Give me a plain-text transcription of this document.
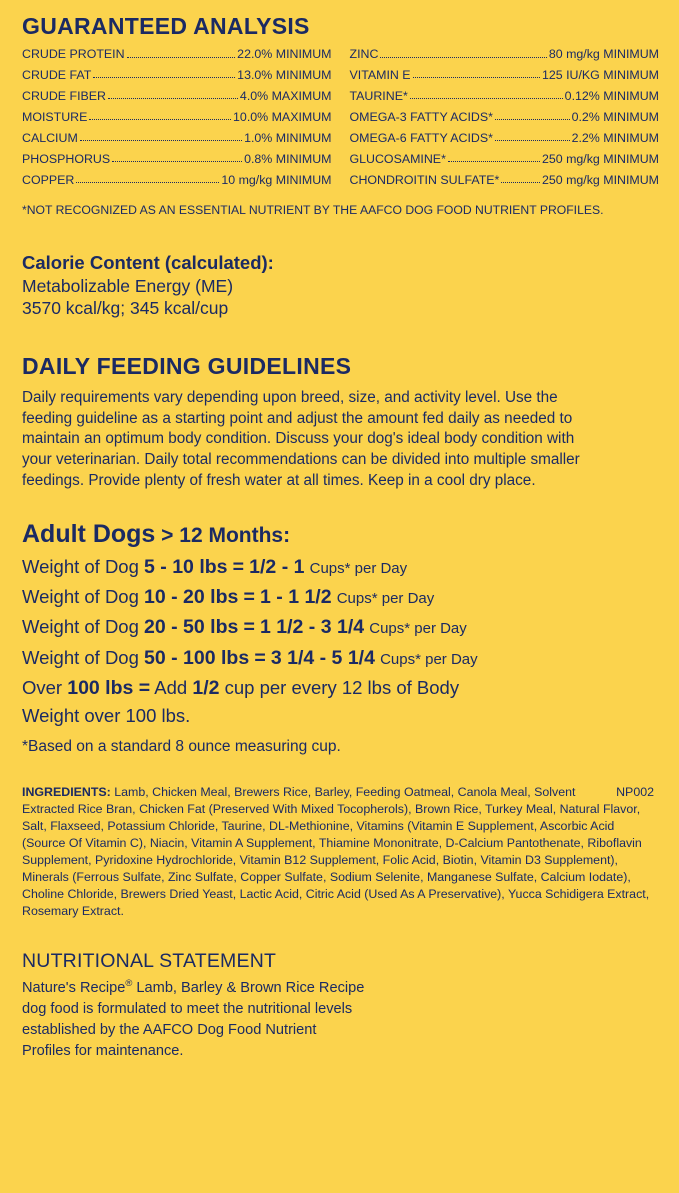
GUARANTEED ANALYSIS
CRUDE PROTEIN	22.0% MINIMUM
CRUDE FAT	13.0% MINIMUM
CRUDE FIBER	4.0% MAXIMUM
MOISTURE	10.0% MAXIMUM
CALCIUM	1.0% MINIMUM
PHOSPHORUS	0.8% MINIMUM
COPPER	10 mg/kg MINIMUM
ZINC	80 mg/kg MINIMUM
VITAMIN E	125 IU/KG MINIMUM
TAURINE*	0.12% MINIMUM
OMEGA-3 FATTY ACIDS*	0.2% MINIMUM
OMEGA-6 FATTY ACIDS*	2.2% MINIMUM
GLUCOSAMINE*	250 mg/kg MINIMUM
CHONDROITIN SULFATE*	250 mg/kg MINIMUM

*NOT RECOGNIZED AS AN ESSENTIAL NUTRIENT BY THE AAFCO DOG FOOD NUTRIENT PROFILES.

Calorie Content (calculated):
Metabolizable Energy (ME)
3570 kcal/kg; 345 kcal/cup
DAILY FEEDING GUIDELINES

Daily requirements vary depending upon breed, size, and activity level. Use the feeding guideline as a starting point and adjust the amount fed daily as needed to maintain an optimum body condition. Discuss your dog's ideal body condition with your veterinarian. Daily total recommendations can be divided into multiple smaller feedings. Provide plenty of fresh water at all times. Keep in a cool dry place.

Adult Dogs > 12 Months:
Weight of Dog 5 - 10 lbs = 1/2 - 1 Cups* per Day
Weight of Dog 10 - 20 lbs = 1 - 1 1/2 Cups* per Day
Weight of Dog 20 - 50 lbs = 1 1/2 - 3 1/4 Cups* per Day
Weight of Dog 50 - 100 lbs = 3 1/4 - 5 1/4 Cups* per Day
Over 100 lbs = Add 1/2 cup per every 12 lbs of Body
Weight over 100 lbs.
*Based on a standard 8 ounce measuring cup.
NP002
INGREDIENTS: Lamb, Chicken Meal, Brewers Rice, Barley, Feeding Oatmeal, Canola Meal, Solvent Extracted Rice Bran, Chicken Fat (Preserved With Mixed Tocopherols), Brown Rice, Turkey Meal, Natural Flavor, Salt, Flaxseed, Potassium Chloride, Taurine, DL-Methionine, Vitamins (Vitamin E Supplement, Ascorbic Acid (Source Of Vitamin C), Niacin, Vitamin A Supplement, Thiamine Mononitrate, D-Calcium Pantothenate, Riboflavin Supplement, Pyridoxine Hydrochloride, Vitamin B12 Supplement, Folic Acid, Biotin, Vitamin D3 Supplement), Minerals (Ferrous Sulfate, Zinc Sulfate, Copper Sulfate, Sodium Selenite, Manganese Sulfate, Calcium Iodate), Choline Chloride, Brewers Dried Yeast, Lactic Acid, Citric Acid (Used As A Preservative), Yucca Schidigera Extract, Rosemary Extract.
NUTRITIONAL STATEMENT

Nature's Recipe® Lamb, Barley & Brown Rice Recipe
dog food is formulated to meet the nutritional levels
established by the AAFCO Dog Food Nutrient
Profiles for maintenance.
